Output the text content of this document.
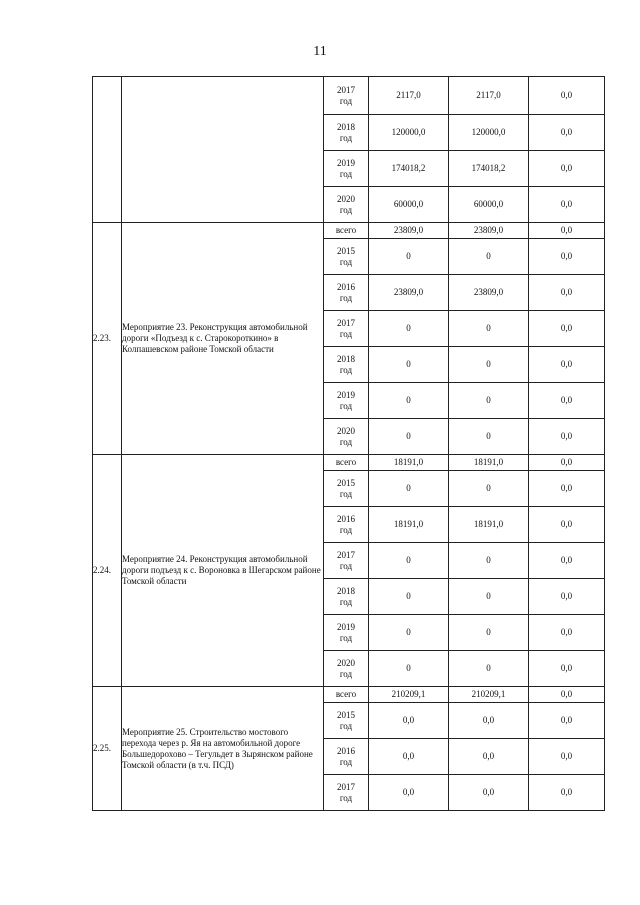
11
		2017
год	2117,0	2117,0	0,0
		2018
год	120000,0	120000,0	0,0
		2019
год	174018,2	174018,2	0,0
		2020
год	60000,0	60000,0	0,0
2.23.	Мероприятие 23. Реконструкция автомобильной дороги «Подъезд к с. Старокороткино» в Колпашевском районе Томской области	всего	23809,0	23809,0	0,0
		2015
год	0	0	0,0
		2016
год	23809,0	23809,0	0,0
		2017
год	0	0	0,0
		2018
год	0	0	0,0
		2019
год	0	0	0,0
		2020
год	0	0	0,0
2.24.	Мероприятие 24. Реконструкция автомобильной дороги подъезд к с. Вороновка в Шегарском районе Томской области	всего	18191,0	18191,0	0,0
		2015
год	0	0	0,0
		2016
год	18191,0	18191,0	0,0
		2017
год	0	0	0,0
		2018
год	0	0	0,0
		2019
год	0	0	0,0
		2020
год	0	0	0,0
2.25.	Мероприятие 25. Строительство мостового перехода через р. Яя на автомобильной дороге Большедорохово – Тегульдет в Зырянском районе Томской области (в т.ч. ПСД)	всего	210209,1	210209,1	0,0
		2015
год	0,0	0,0	0,0
		2016
год	0,0	0,0	0,0
		2017
год	0,0	0,0	0,0
